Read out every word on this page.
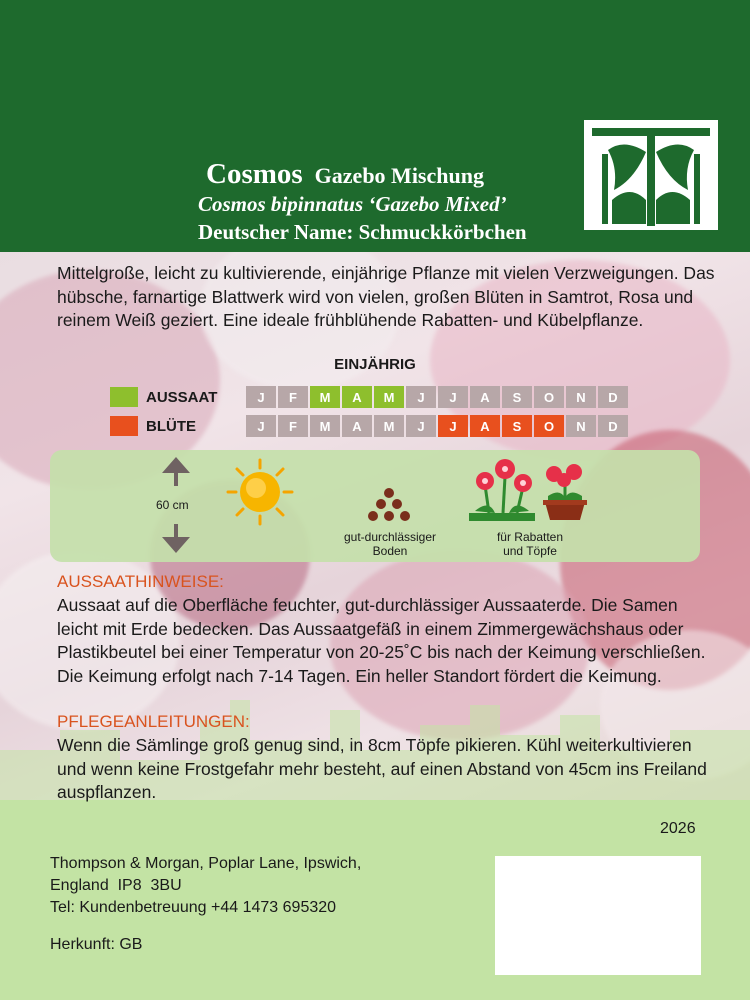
Cosmos Gazebo Mischung
Cosmos bipinnatus ‘Gazebo Mixed’
Deutscher Name: Schmuckkörbchen
Mittelgroße, leicht zu kultivierende, einjährige Pflanze mit vielen Verzweigungen. Das hübsche, farnartige Blattwerk wird von vielen, großen Blüten in Samtrot, Rosa und reinem Weiß geziert. Eine ideale frühblühende Rabatten- und Kübelpflanze.
EINJÄHRIG
AUSSAAT	J	F	M	A	M	J	J	A	S	O	N	D
BLÜTE	J	F	M	A	M	J	J	A	S	O	N	D
60 cm
gut-durchlässiger
Boden
für Rabatten
und Töpfe
AUSSAATHINWEISE:
Aussaat auf die Oberfläche feuchter, gut-durchlässiger Aussaaterde. Die Samen leicht mit Erde bedecken. Das Aussaatgefäß in einem Zimmergewächshaus oder Plastikbeutel bei einer Temperatur von 20-25˚C bis nach der Keimung verschließen. Die Keimung erfolgt nach 7-14 Tagen. Ein heller Standort fördert die Keimung.
PFLEGEANLEITUNGEN:
Wenn die Sämlinge groß genug sind, in 8cm Töpfe pikieren. Kühl weiterkultivieren und wenn keine Frostgefahr mehr besteht, auf einen Abstand von 45cm ins Freiland auspflanzen.
2026
Thompson & Morgan, Poplar Lane, Ipswich,
England  IP8  3BU
Tel: Kundenbetreuung +44 1473 695320
Herkunft: GB
